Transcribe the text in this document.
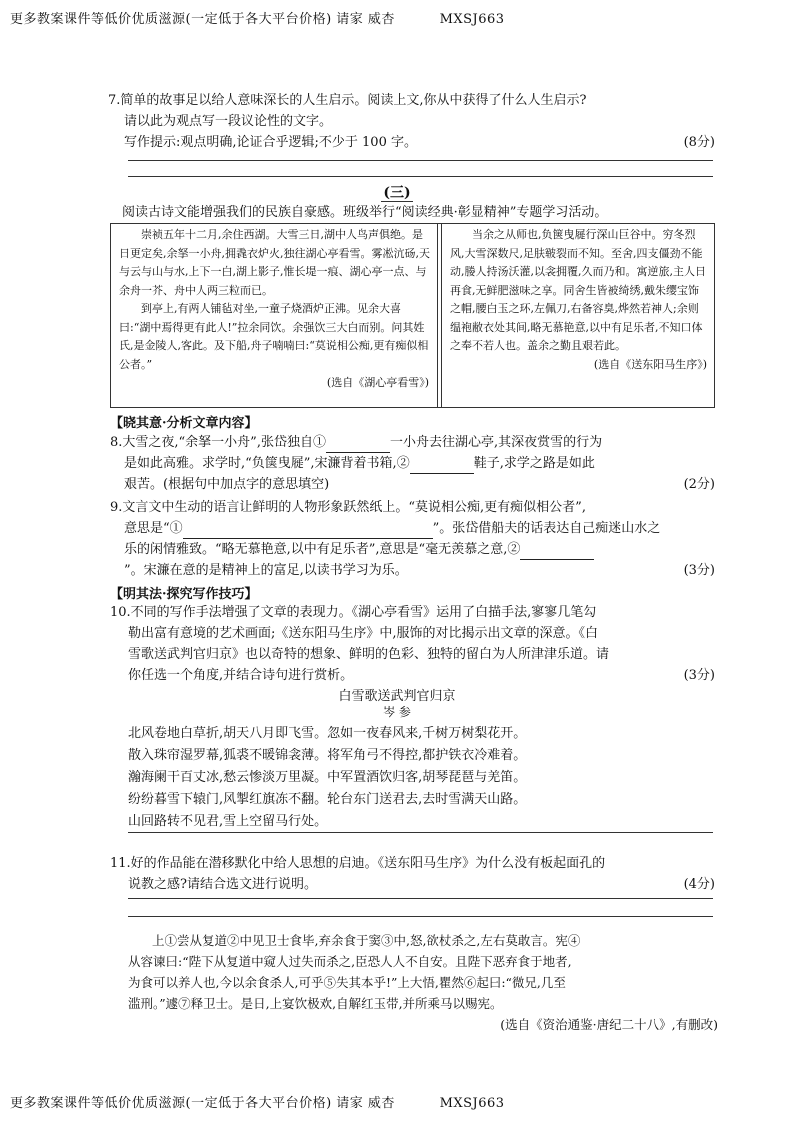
更多教案课件等低价优质滋源(一定低于各大平台价格) 请家 威杏	MXSJ663
7.简单的故事足以给人意味深长的人生启示。阅读上文,你从中获得了什么人生启示?
请以此为观点写一段议论性的文字。
写作提示:观点明确,论证合乎逻辑;不少于 100 字。	(8分)
(三)
阅读古诗文能增强我们的民族自豪感。班级举行“阅读经典·彰显精神”专题学习活动。
崇祯五年十二月,余住西湖。大雪三日,湖中人鸟声俱绝。是日更定矣,余拏一小舟,拥毳衣炉火,独往湖心亭看雪。雾凇沆砀,天与云与山与水,上下一白,湖上影子,惟长堤一痕、湖心亭一点、与余舟一芥、舟中人两三粒而已。
到亭上,有两人铺毡对坐,一童子烧酒炉正沸。见余大喜曰:“湖中焉得更有此人!”拉余同饮。余强饮三大白而别。问其姓氏,是金陵人,客此。及下船,舟子喃喃曰:“莫说相公痴,更有痴似相公者。”
(选自《湖心亭看雪》)
当余之从师也,负箧曳屣行深山巨谷中。穷冬烈风,大雪深数尺,足肤皲裂而不知。至舍,四支僵劲不能动,媵人持汤沃灌,以衾拥覆,久而乃和。寓逆旅,主人日再食,无鲜肥滋味之享。同舍生皆被绮绣,戴朱缨宝饰之帽,腰白玉之环,左佩刀,右备容臭,烨然若神人;余则缊袍敝衣处其间,略无慕艳意,以中有足乐者,不知口体之奉不若人也。盖余之勤且艰若此。
(选自《送东阳马生序》)
【晓其意·分析文章内容】
8.大雪之夜,“余拏一小舟”,张岱独自①	一小舟去往湖心亭,其深夜赏雪的行为
是如此高雅。求学时,“负箧曳屣”,宋濂背着书箱,②	鞋子,求学之路是如此
艰苦。(根据句中加点字的意思填空)	(2分)
9.文言文中生动的语言让鲜明的人物形象跃然纸上。“莫说相公痴,更有痴似相公者”,
意思是“①	”。张岱借船夫的话表达自己痴迷山水之
乐的闲情雅致。“略无慕艳意,以中有足乐者”,意思是“毫无羡慕之意,②
”。宋濂在意的是精神上的富足,以读书学习为乐。	(3分)
【明其法·探究写作技巧】
10.不同的写作手法增强了文章的表现力。《湖心亭看雪》运用了白描手法,寥寥几笔勾
勒出富有意境的艺术画面;《送东阳马生序》中,服饰的对比揭示出文章的深意。《白
雪歌送武判官归京》也以奇特的想象、鲜明的色彩、独特的留白为人所津津乐道。请
你任选一个角度,并结合诗句进行赏析。	(3分)
白雪歌送武判官归京
岑 参
北风卷地白草折,胡天八月即飞雪。忽如一夜春风来,千树万树梨花开。
散入珠帘湿罗幕,狐裘不暖锦衾薄。将军角弓不得控,都护铁衣冷难着。
瀚海阑干百丈冰,愁云惨淡万里凝。中军置酒饮归客,胡琴琵琶与羌笛。
纷纷暮雪下辕门,风掣红旗冻不翻。轮台东门送君去,去时雪满天山路。
山回路转不见君,雪上空留马行处。
11.好的作品能在潜移默化中给人思想的启迪。《送东阳马生序》为什么没有板起面孔的
说教之感?请结合选文进行说明。	(4分)
上①尝从复道②中见卫士食毕,弃余食于窦③中,怒,欲杖杀之,左右莫敢言。宪④
从容谏曰:“陛下从复道中窥人过失而杀之,臣恐人人不自安。且陛下恶弃食于地者,
为食可以养人也,今以余食杀人,可乎⑤失其本乎!”上大悟,瞿然⑥起曰:“微兄,几至
滥刑。”遽⑦释卫士。是日,上宴饮极欢,自解红玉带,并所乘马以赐宪。
(选自《资治通鉴·唐纪二十八》,有删改)
更多教案课件等低价优质滋源(一定低于各大平台价格) 请家 威杏	MXSJ663
